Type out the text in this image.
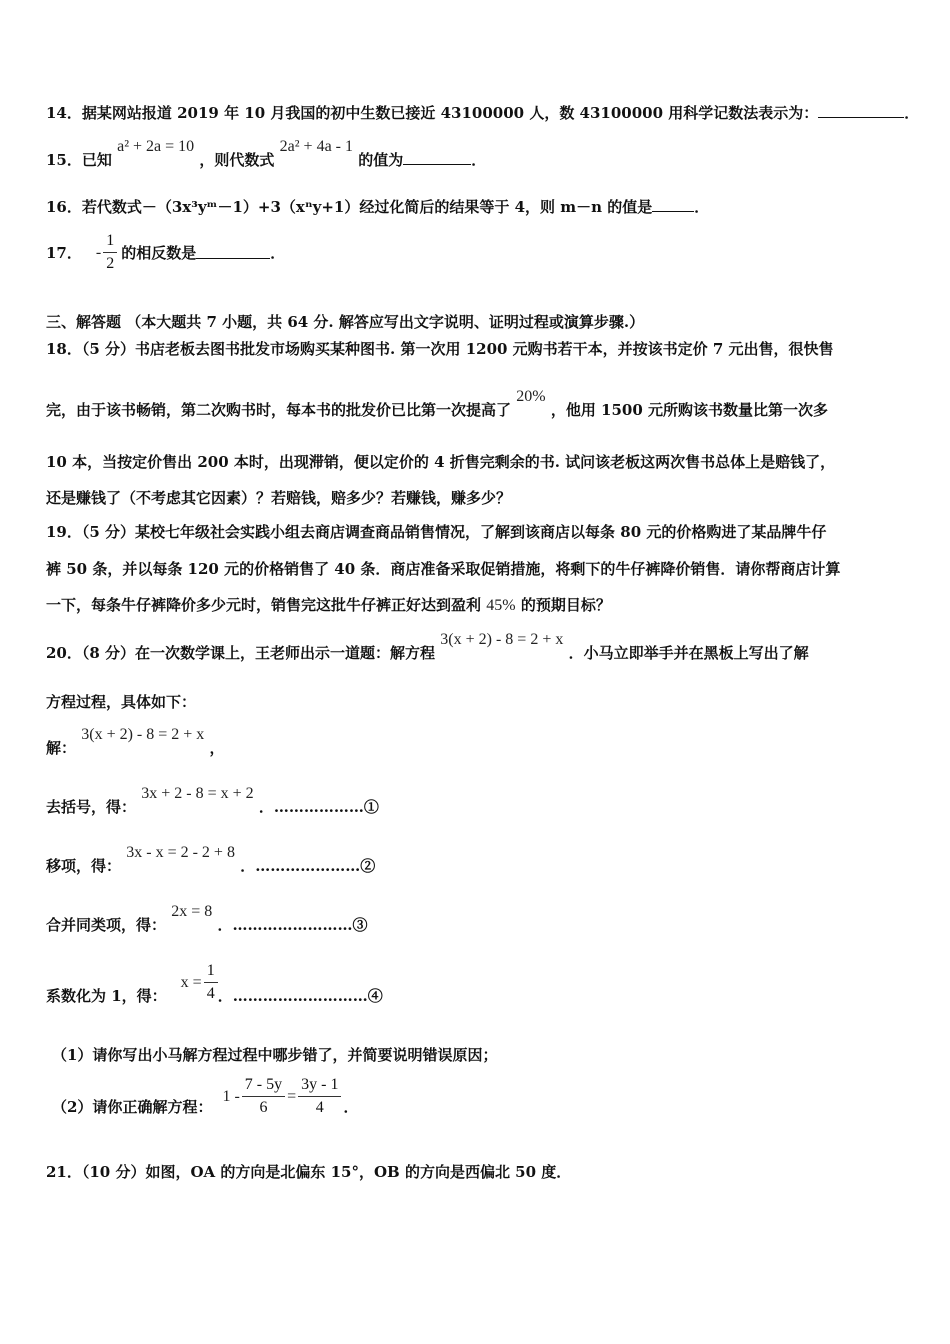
14．据某网站报道 2019 年 10 月我国的初中生数已接近 43100000 人，数 43100000 用科学记数法表示为：	．
15．已知 a² + 2a = 10 ，则代数式 2a² + 4a - 1 的值为	．
16．若代数式－（3x³yᵐ－1）+3（xⁿy+1）经过化简后的结果等于 4，则 m－n 的值是	．
17． - $\frac{1}{2}$ 的相反数是	．
三、解答题 （本大题共 7 小题，共 64 分. 解答应写出文字说明、证明过程或演算步骤.）
18．（5 分）书店老板去图书批发市场购买某种图书. 第一次用 1200 元购书若干本，并按该书定价 7 元出售，很快售
完，由于该书畅销，第二次购书时，每本书的批发价已比第一次提高了 20% ，他用 1500 元所购该书数量比第一次多
10 本，当按定价售出 200 本时，出现滞销，便以定价的 4 折售完剩余的书. 试问该老板这两次售书总体上是赔钱了，
还是赚钱了（不考虑其它因素）？若赔钱，赔多少？若赚钱，赚多少？
19．（5 分）某校七年级社会实践小组去商店调查商品销售情况，了解到该商店以每条 80 元的价格购进了某品牌牛仔
裤 50 条，并以每条 120 元的价格销售了 40 条．商店准备采取促销措施，将剩下的牛仔裤降价销售．请你帮商店计算
一下，每条牛仔裤降价多少元时，销售完这批牛仔裤正好达到盈利 45% 的预期目标？
20．（8 分）在一次数学课上，王老师出示一道题：解方程 3(x + 2) - 8 = 2 + x ．小马立即举手并在黑板上写出了解
方程过程，具体如下：
解： 3(x + 2) - 8 = 2 + x ，
去括号，得： 3x + 2 - 8 = x + 2 ．………………①
移项，得： 3x - x = 2 - 2 + 8 ．…………………②
合并同类项，得： 2x = 8 ．……………………③
系数化为 1，得：
$x = \frac{1}{4}$ ．………………………④
（1）请你写出小马解方程过程中哪步错了，并简要说明错误原因；
（2）请你正确解方程：
$1 - \frac{7 - 5y}{6} = \frac{3y - 1}{4}$ ．
21．（10 分）如图，OA 的方向是北偏东 15°，OB 的方向是西偏北 50 度．
